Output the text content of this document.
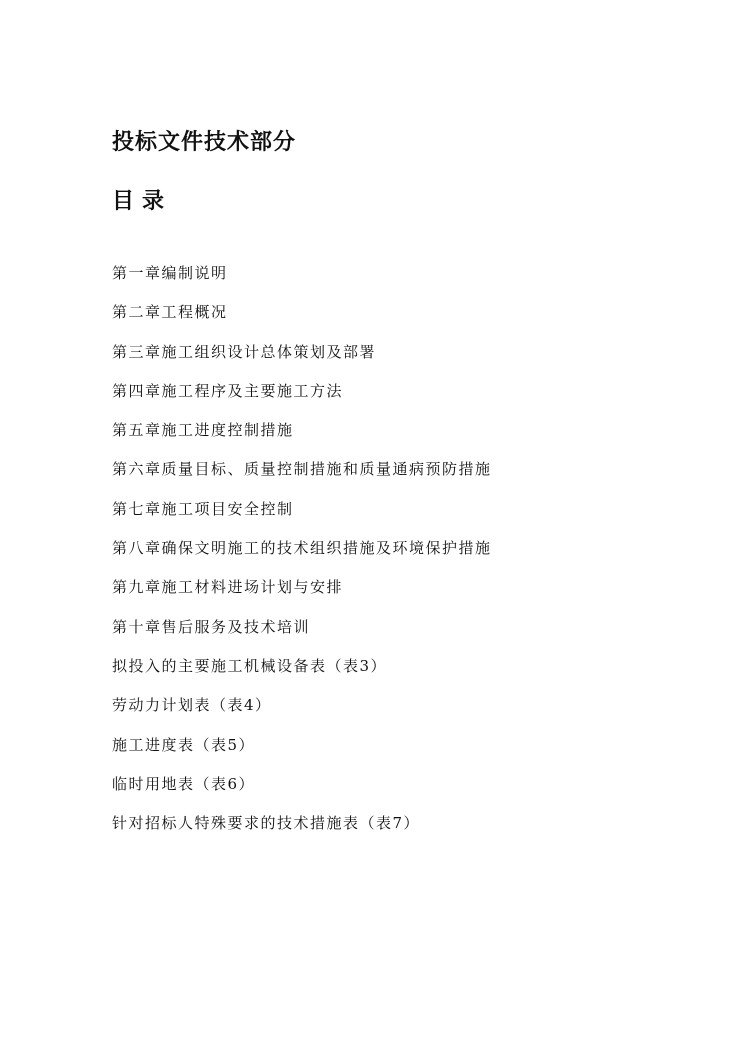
投标文件技术部分
目录
第一章编制说明
第二章工程概况
第三章施工组织设计总体策划及部署
第四章施工程序及主要施工方法
第五章施工进度控制措施
第六章质量目标、质量控制措施和质量通病预防措施
第七章施工项目安全控制
第八章确保文明施工的技术组织措施及环境保护措施
第九章施工材料进场计划与安排
第十章售后服务及技术培训
拟投入的主要施工机械设备表（表3）
劳动力计划表（表4）
施工进度表（表5）
临时用地表（表6）
针对招标人特殊要求的技术措施表（表7）
